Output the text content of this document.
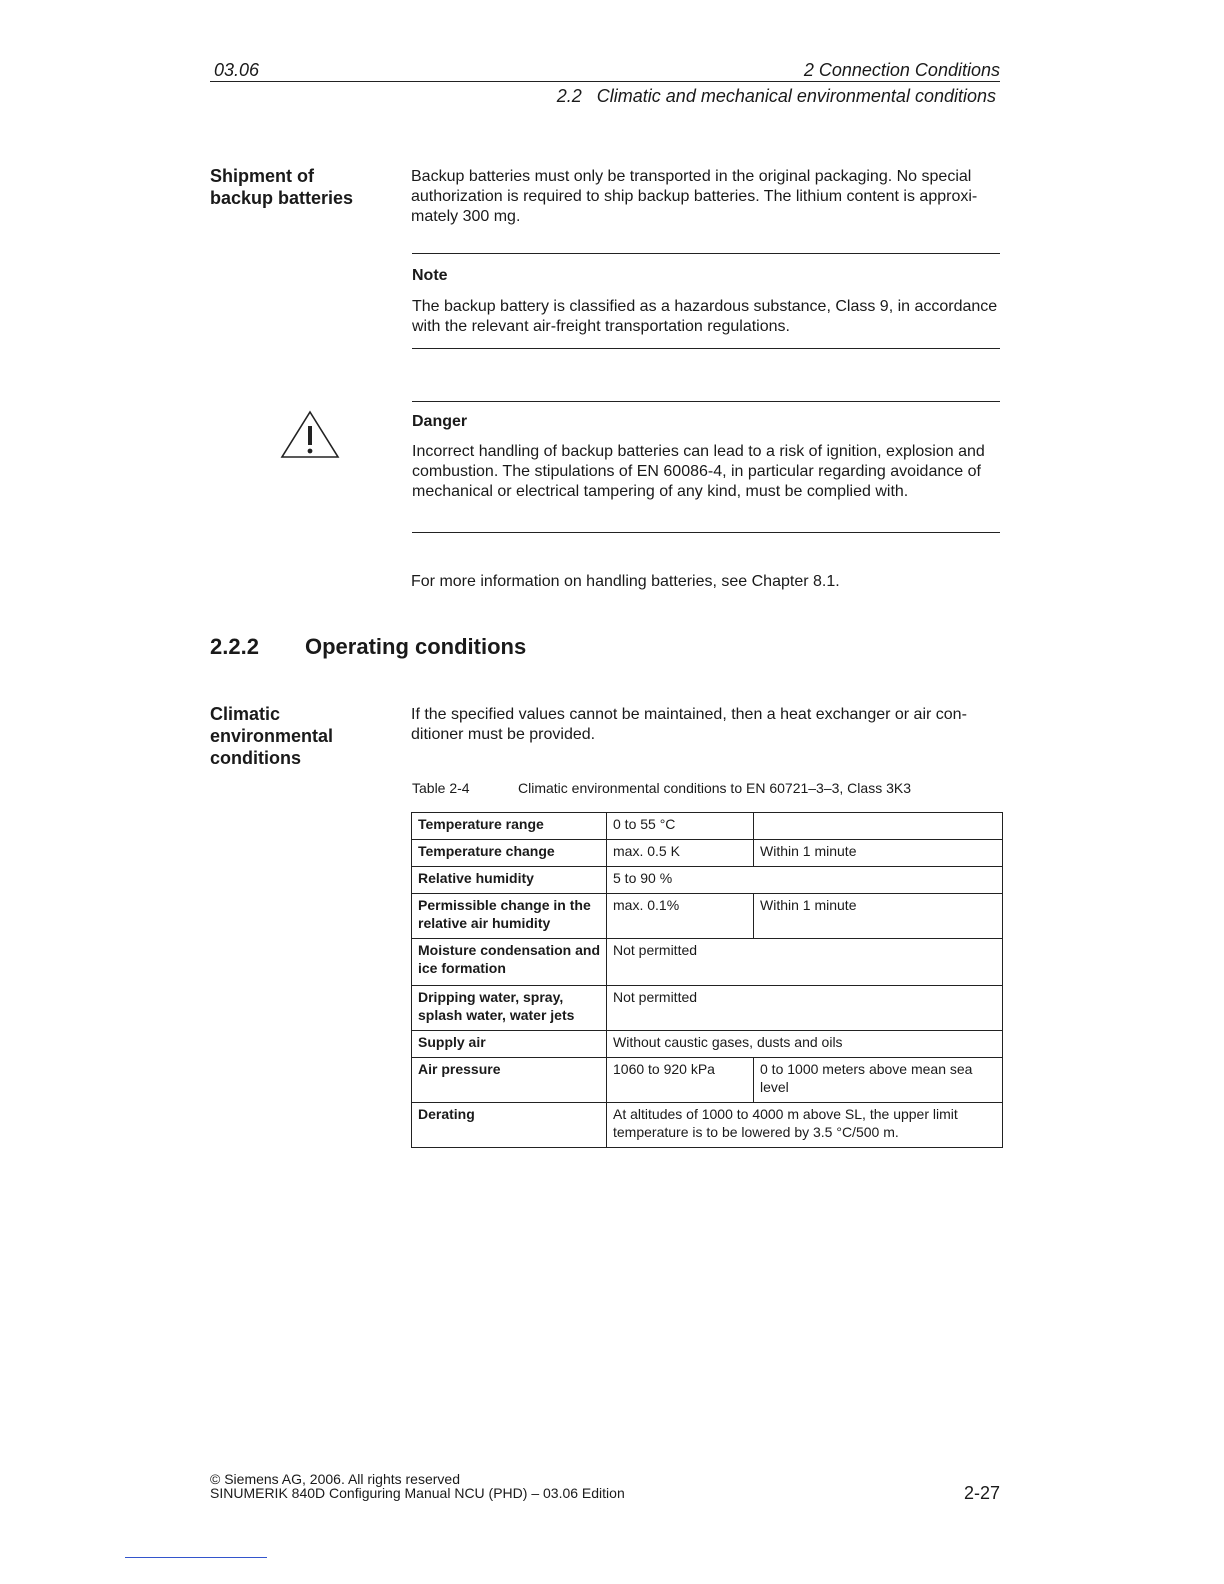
03.06	2 Connection Conditions
2.2   Climatic and mechanical environmental conditions
Shipment of
backup batteries
Backup batteries must only be transported in the original packaging. No special authorization is required to ship backup batteries. The lithium content is approxi-mately 300 mg.
Note
The backup battery is classified as a hazardous substance, Class 9, in accordance with the relevant air-freight transportation regulations.
Danger
Incorrect handling of backup batteries can lead to a risk of ignition, explosion and combustion. The stipulations of EN 60086-4, in particular regarding avoidance of mechanical or electrical tampering of any kind, must be complied with.
For more information on handling batteries, see Chapter 8.1.
2.2.2 Operating conditions
Climatic
environmental
conditions
If the specified values cannot be maintained, then a heat exchanger or air con-ditioner must be provided.
Table 2-4	Climatic environmental conditions to EN 60721–3–3, Class 3K3
Temperature range	0 to 55 °C	
Temperature change	max. 0.5 K	Within 1 minute
Relative humidity	5 to 90 %	
Permissible change in the relative air humidity	max. 0.1%	Within 1 minute
Moisture condensation and ice formation	Not permitted	
Dripping water, spray, splash water, water jets	Not permitted	
Supply air	Without caustic gases, dusts and oils	
Air pressure	1060 to 920 kPa	0 to 1000 meters above mean sea level
Derating	At altitudes of 1000 to 4000 m above SL, the upper limit temperature is to be lowered by 3.5 °C/500 m.	
© Siemens AG, 2006. All rights reserved
SINUMERIK 840D Configuring Manual NCU (PHD) – 03.06 Edition	2-27
